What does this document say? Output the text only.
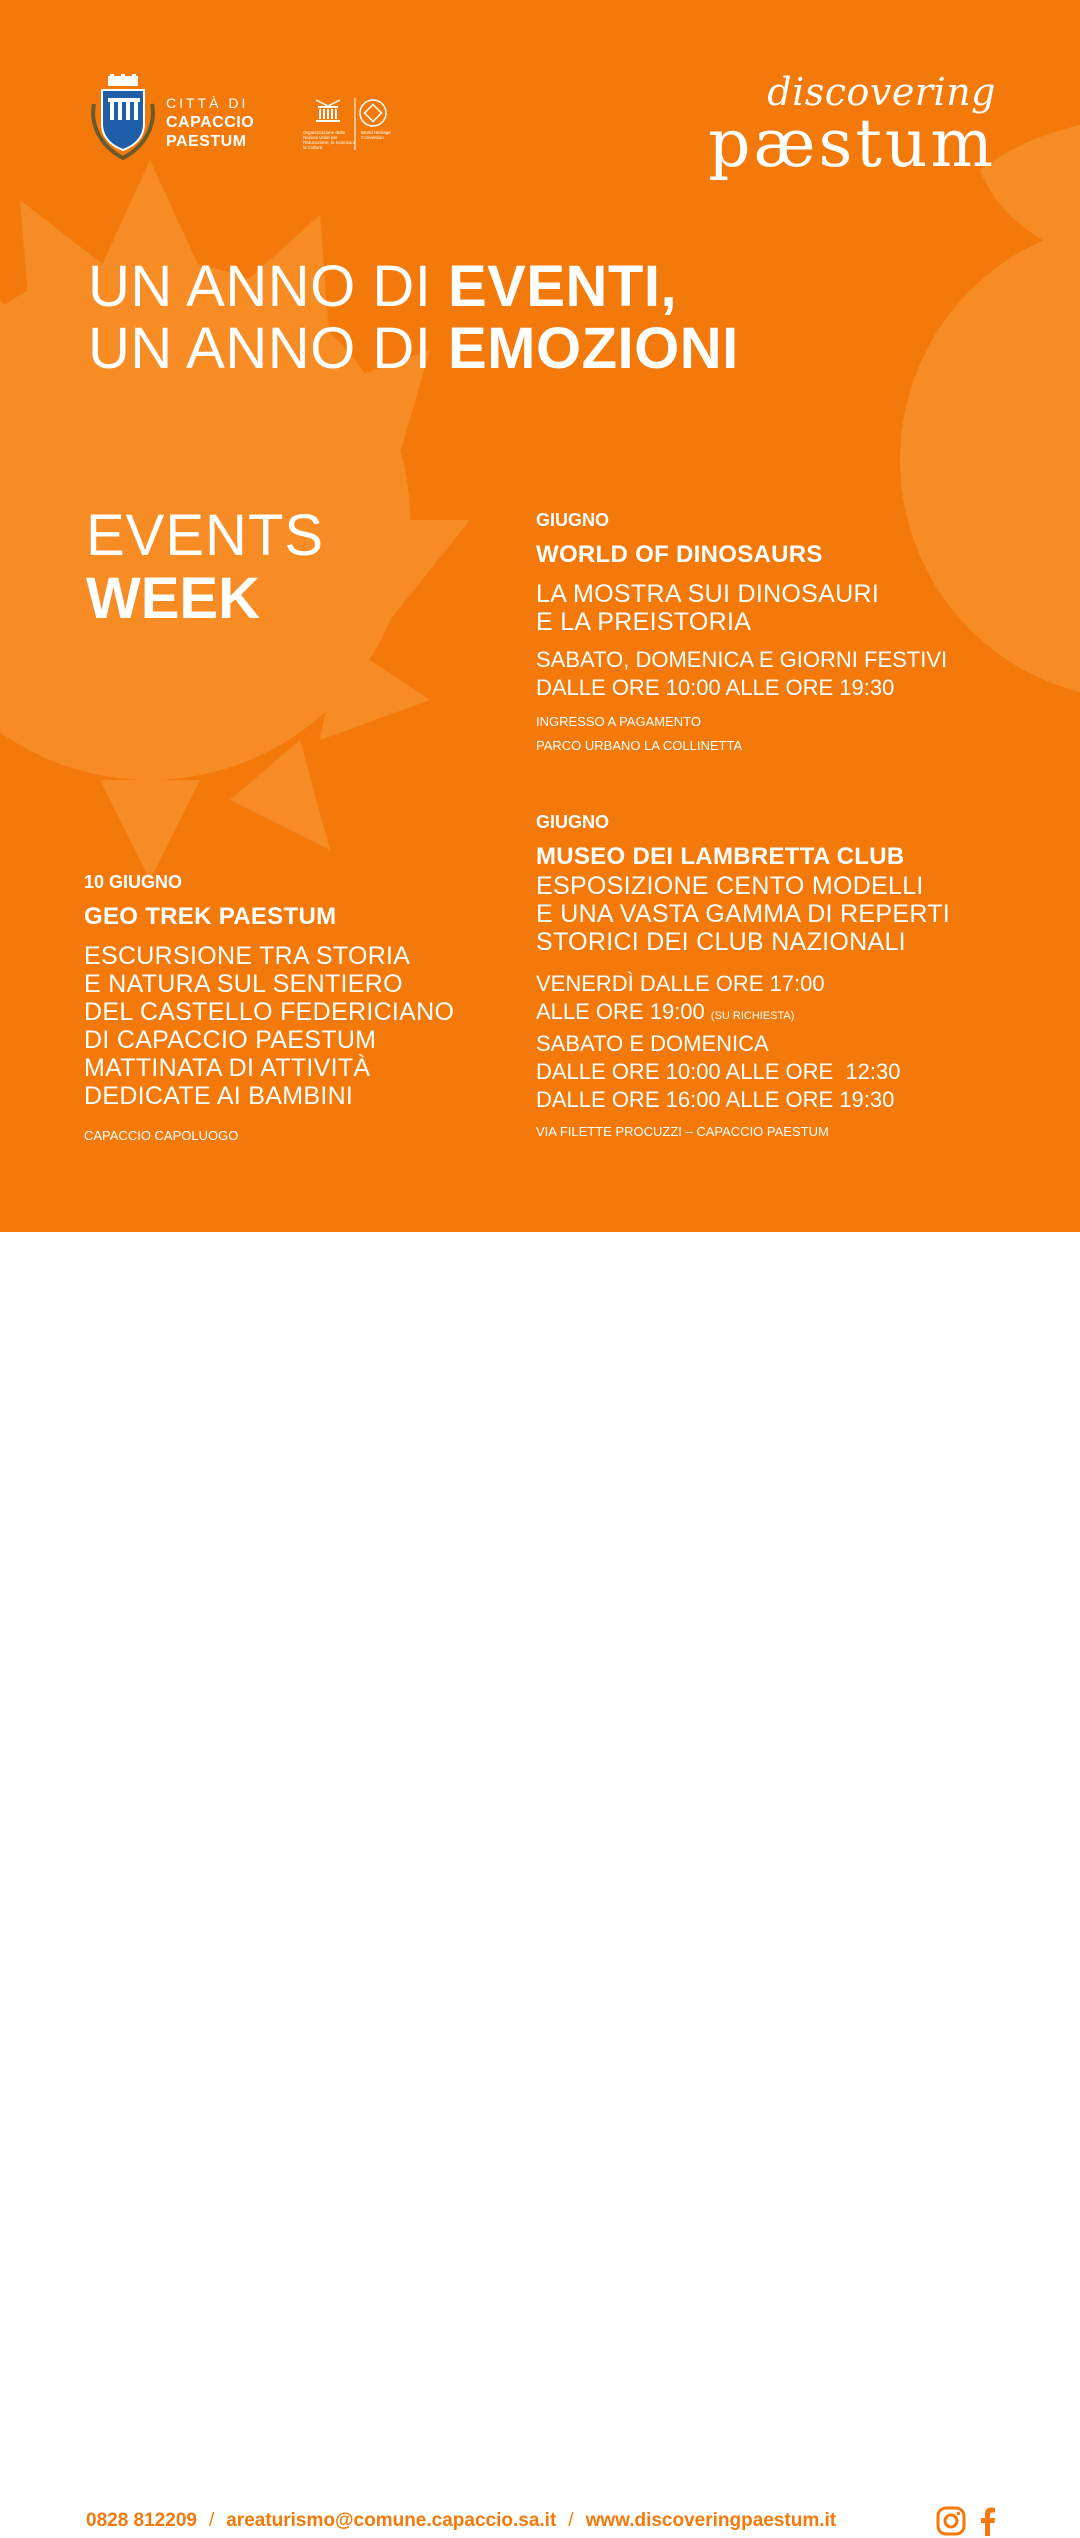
CITTÀ DI
CAPACCIO
PAESTUM
Organizzazione delle Nazioni Unite per l'Educazione, la Scienza e la Cultura
World Heritage Convention
discovering
pæstum
UN ANNO DI EVENTI,
UN ANNO DI EMOZIONI
EVENTS
WEEK
GIUGNO
WORLD OF DINOSAURS
LA MOSTRA SUI DINOSAURI
E LA PREISTORIA
SABATO, DOMENICA E GIORNI FESTIVI
DALLE ORE 10:00 ALLE ORE 19:30
INGRESSO A PAGAMENTO
PARCO URBANO LA COLLINETTA
GIUGNO
MUSEO DEI LAMBRETTA CLUB
ESPOSIZIONE CENTO MODELLI
E UNA VASTA GAMMA DI REPERTI
STORICI DEI CLUB NAZIONALI
VENERDÌ DALLE ORE 17:00
ALLE ORE 19:00 (SU RICHIESTA)
SABATO E DOMENICA
DALLE ORE 10:00 ALLE ORE  12:30
DALLE ORE 16:00 ALLE ORE 19:30
VIA FILETTE PROCUZZI – CAPACCIO PAESTUM
10 GIUGNO
GEO TREK PAESTUM
ESCURSIONE TRA STORIA
E NATURA SUL SENTIERO
DEL CASTELLO FEDERICIANO
DI CAPACCIO PAESTUM
MATTINATA DI ATTIVITÀ
DEDICATE AI BAMBINI
CAPACCIO CAPOLUOGO
0828 812209 / areaturismo@comune.capaccio.sa.it / www.discoveringpaestum.it
